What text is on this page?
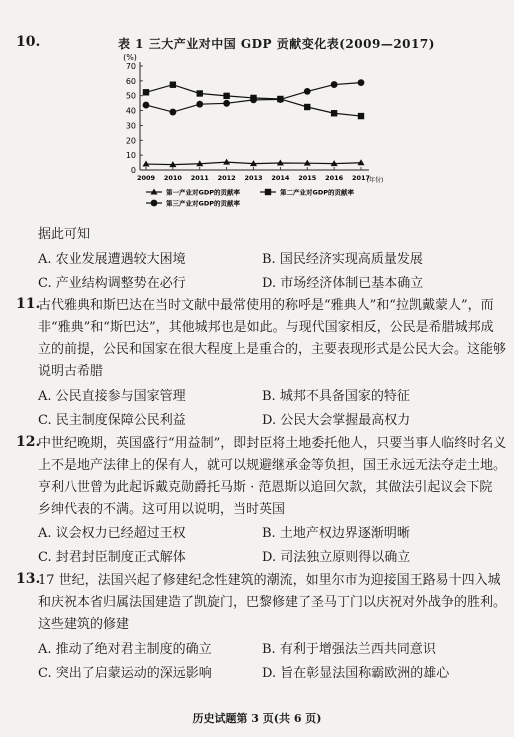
10.	表 1 三大产业对中国 GDP 贡献变化表(2009—2017)
(%)
(年份)
0
10
20
30
40
50
60
70
2009 2010 2011 2012 2013 2014 2015 2016 2017
第一产业对GDP的贡献率	第二产业对GDP的贡献率
第三产业对GDP的贡献率
据此可知
A. 农业发展遭遇较大困境	B. 国民经济实现高质量发展
C. 产业结构调整势在必行	D. 市场经济体制已基本确立
11.
古代雅典和斯巴达在当时文献中最常使用的称呼是“雅典人”和“拉凯戴蒙人”，而
非“雅典”和“斯巴达”，其他城邦也是如此。与现代国家相反，公民是希腊城邦成
立的前提，公民和国家在很大程度上是重合的，主要表现形式是公民大会。这能够
说明古希腊
A. 公民直接参与国家管理	B. 城邦不具备国家的特征
C. 民主制度保障公民利益	D. 公民大会掌握最高权力
12.
中世纪晚期，英国盛行“用益制”，即封臣将土地委托他人，只要当事人临终时名义
上不是地产法律上的保有人，就可以规避继承金等负担，国王永远无法夺走土地。
亨利八世曾为此起诉戴克勋爵托马斯 · 范恩斯以追回欠款，其做法引起议会下院
乡绅代表的不满。这可用以说明，当时英国
A. 议会权力已经超过王权	B. 土地产权边界逐渐明晰
C. 封君封臣制度正式解体	D. 司法独立原则得以确立
13.
17 世纪，法国兴起了修建纪念性建筑的潮流，如里尔市为迎接国王路易十四入城
和庆祝本省归属法国建造了凯旋门，巴黎修建了圣马丁门以庆祝对外战争的胜利。
这些建筑的修建
A. 推动了绝对君主制度的确立	B. 有利于增强法兰西共同意识
C. 突出了启蒙运动的深远影响	D. 旨在彰显法国称霸欧洲的雄心
历史试题第 3 页(共 6 页)
